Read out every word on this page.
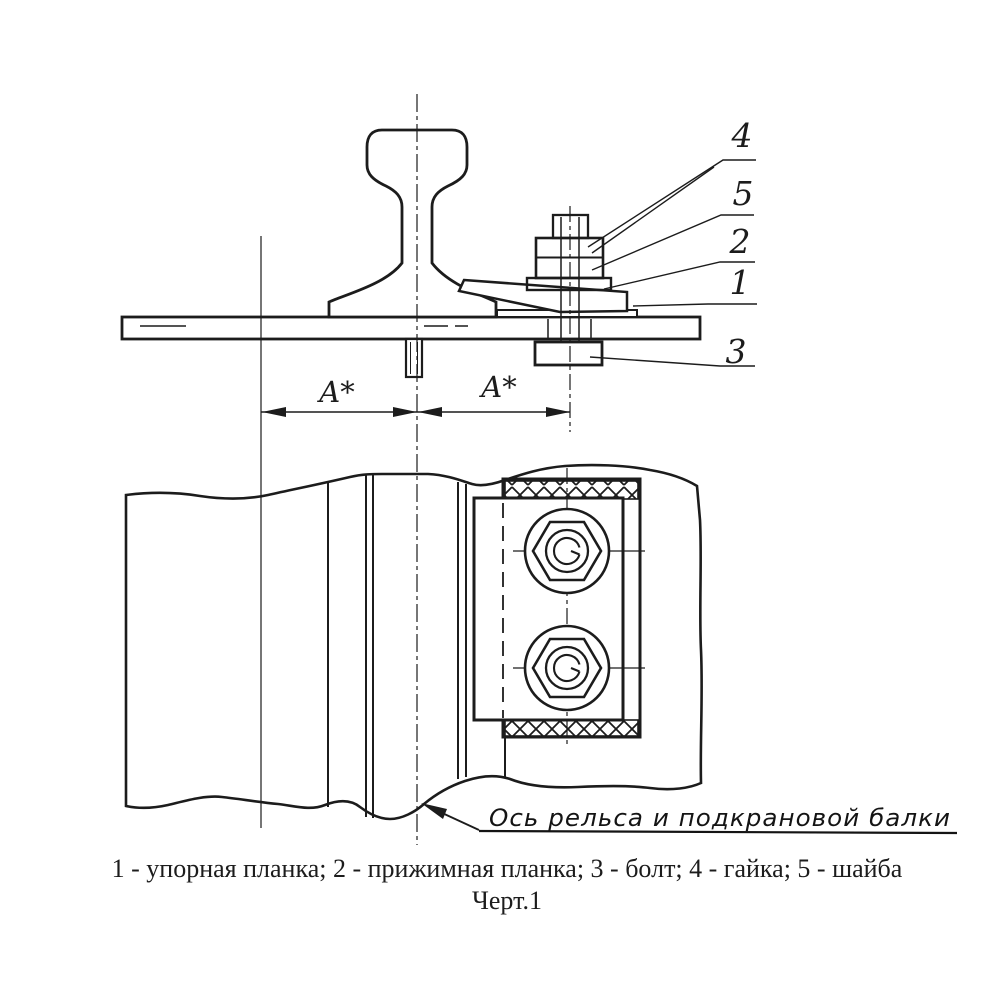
A*	A*
4
5
2
1
3
Ось рельса и подкрановой балки
1 - упорная планка; 2 - прижимная планка; 3 - болт; 4 - гайка; 5 - шайба
Черт.1
